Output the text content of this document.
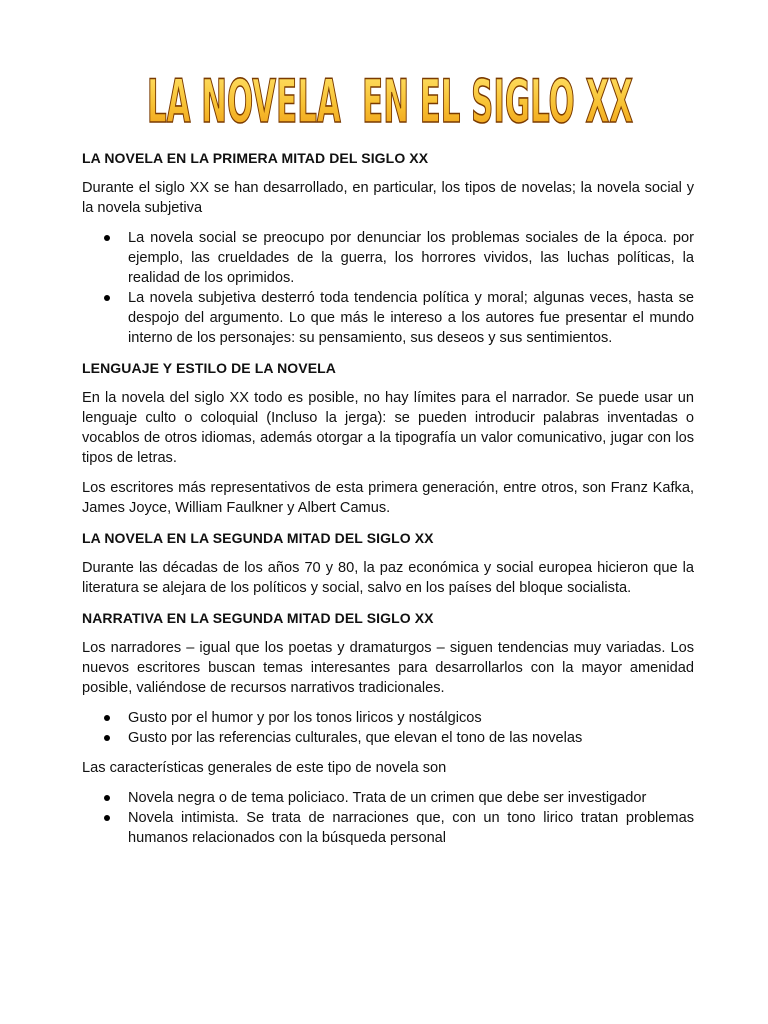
LA NOVELA  EN EL SIGLO XX
LA NOVELA EN LA PRIMERA MITAD DEL SIGLO XX
Durante el siglo XX se han desarrollado, en particular, los tipos de novelas; la novela social y la novela subjetiva
La novela social se preocupo por denunciar los problemas sociales de la época. por ejemplo, las crueldades de la guerra, los horrores vividos, las luchas políticas, la realidad de los oprimidos.
La novela subjetiva desterró toda tendencia política y moral; algunas veces, hasta se despojo del argumento. Lo que más le intereso a los autores fue presentar el mundo interno de los personajes: su pensamiento, sus deseos y sus sentimientos.
LENGUAJE Y ESTILO DE LA NOVELA
En la novela del siglo XX todo es posible, no hay límites para el narrador. Se puede usar un lenguaje culto o coloquial (Incluso la jerga): se pueden introducir palabras inventadas o vocablos de otros idiomas, además otorgar a la tipografía un valor comunicativo, jugar con los tipos de letras.
Los escritores más representativos de esta primera generación, entre otros, son Franz Kafka, James Joyce, William Faulkner y Albert Camus.
LA NOVELA EN LA SEGUNDA MITAD DEL SIGLO XX
Durante las décadas de los años 70 y 80, la paz económica y social europea hicieron que la literatura se alejara de los políticos y social, salvo en los países del bloque socialista.
NARRATIVA EN LA SEGUNDA MITAD DEL SIGLO XX
Los narradores – igual que los poetas y dramaturgos – siguen tendencias muy variadas. Los nuevos escritores buscan temas interesantes para desarrollarlos con la mayor amenidad posible, valiéndose de recursos narrativos tradicionales.
Gusto por el humor y por los tonos liricos y nostálgicos
Gusto por las referencias culturales, que elevan el tono de las novelas
Las características generales de este tipo de novela son
Novela negra o de tema policiaco. Trata de un crimen que debe ser investigador
Novela intimista. Se trata de narraciones que, con un tono lirico tratan problemas humanos relacionados con la búsqueda personal
